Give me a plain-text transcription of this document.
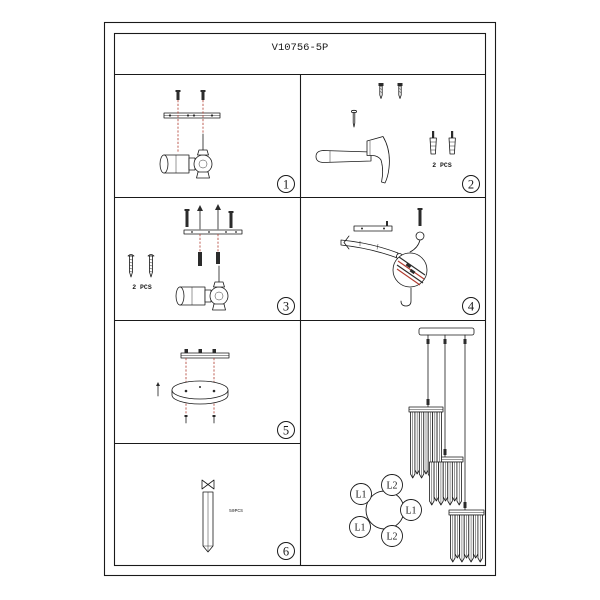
V10756-5P
1
2 PCS
2
2 PCS
3	4
5
50PCS
6
L1
L2
L1
L2
L1
